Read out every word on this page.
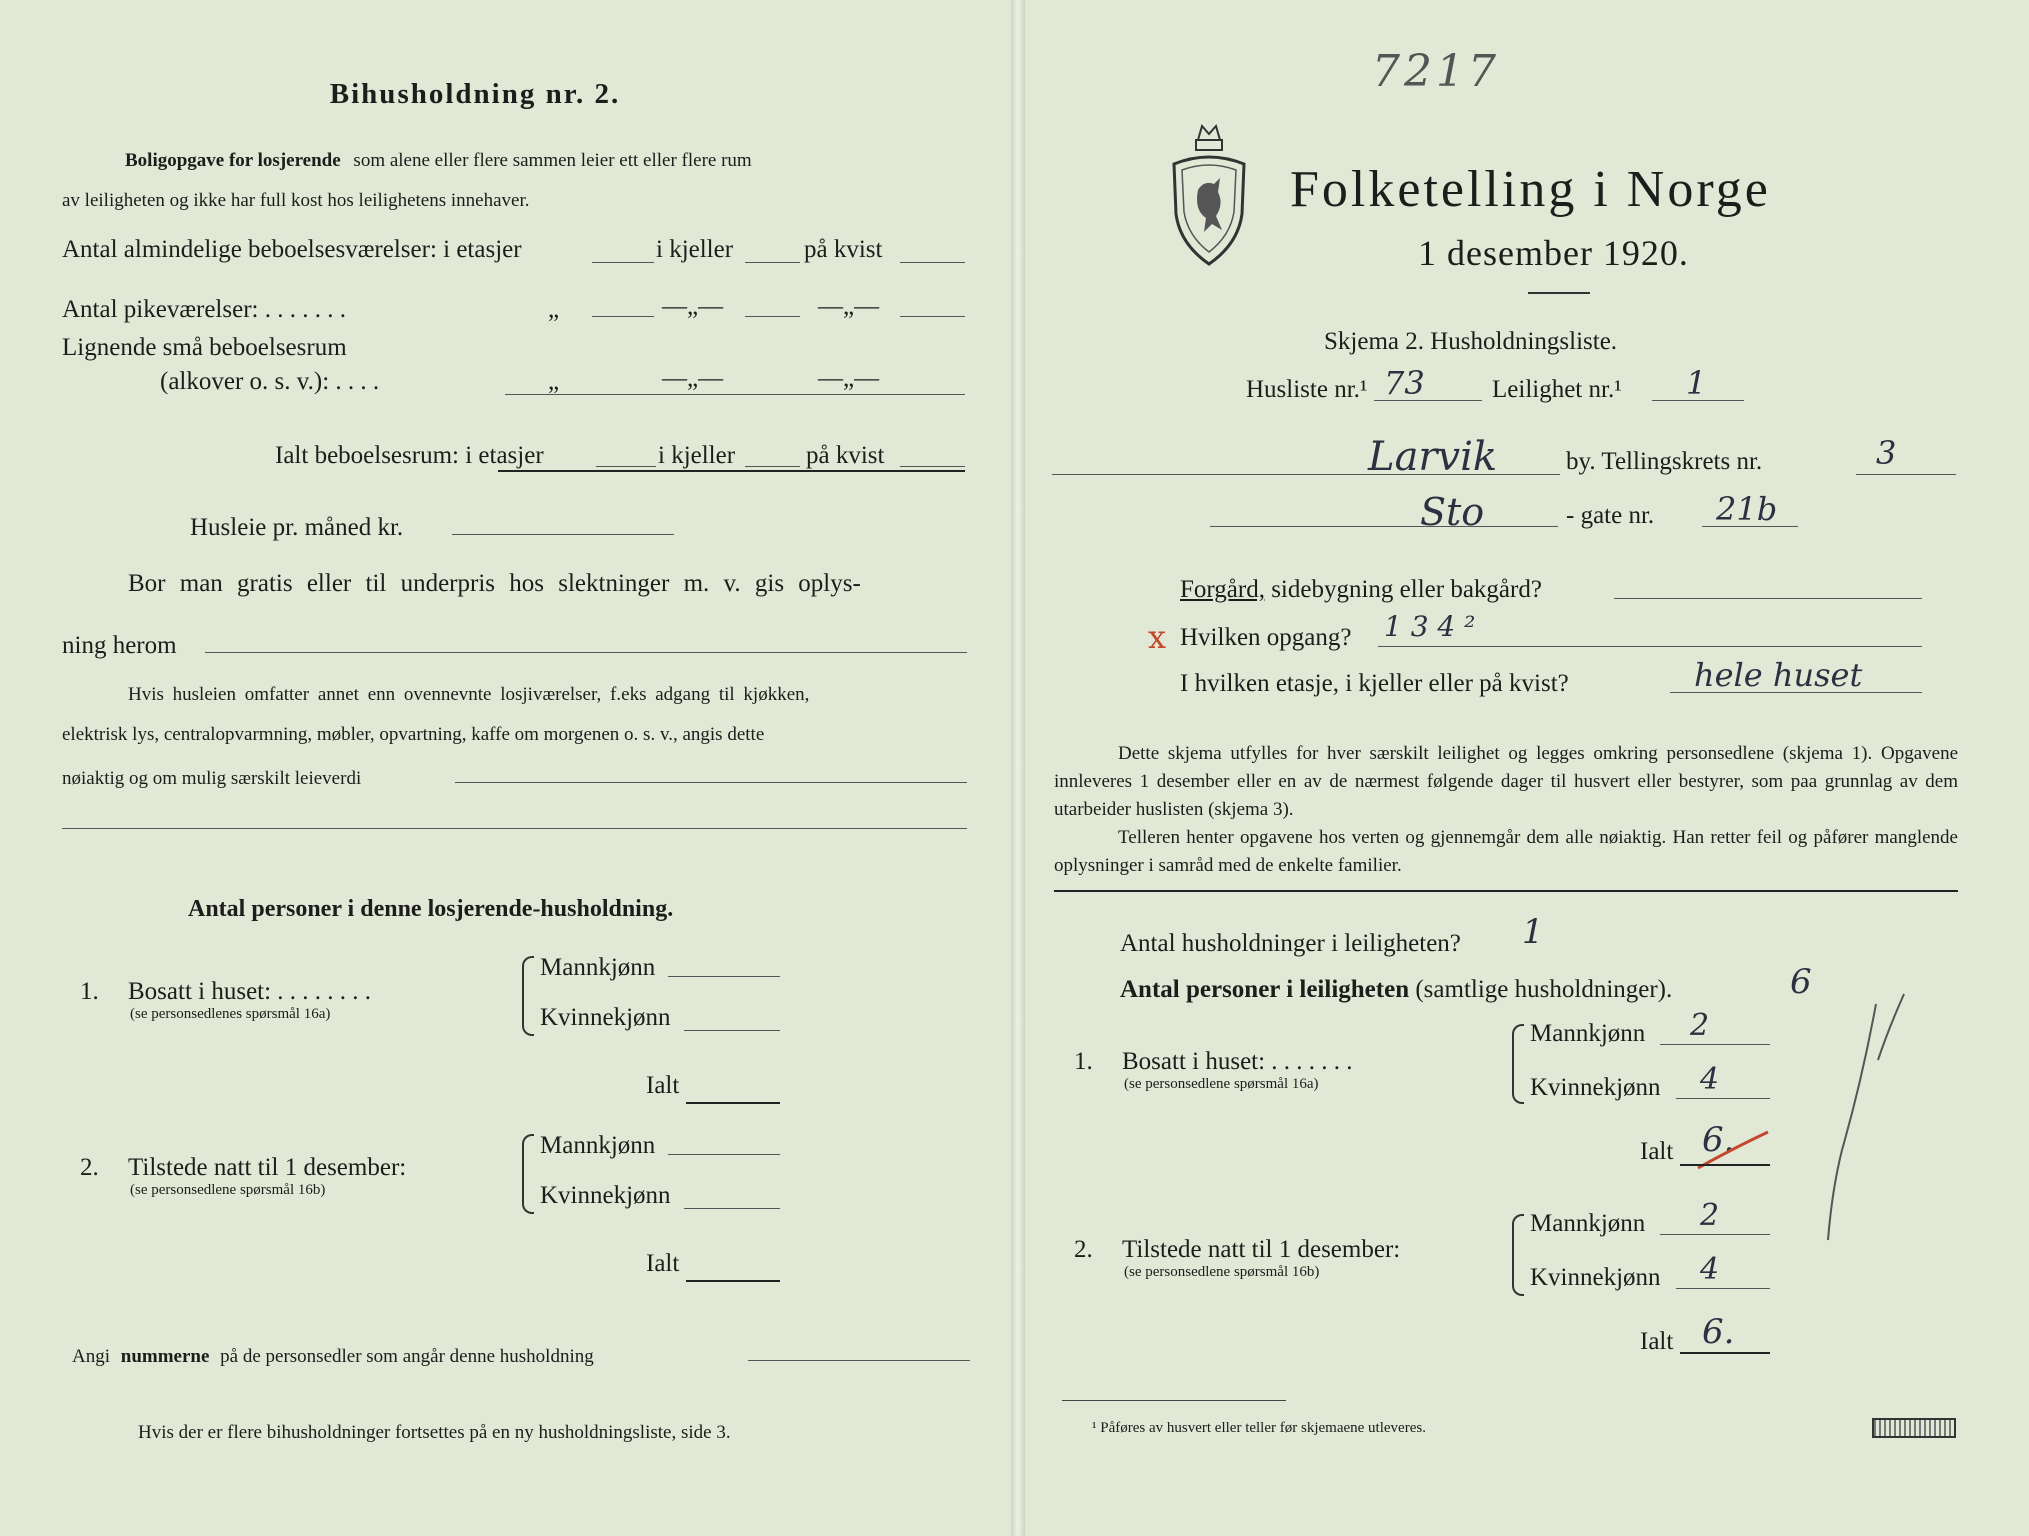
Bihusholdning nr. 2.
Boligopgave for losjerende som alene eller flere sammen leier ett eller flere rum
av leiligheten og ikke har full kost hos leilighetens innehaver.
Antal almindelige beboelsesværelser: i etasjer	i kjeller	på kvist
Antal pikeværelser: . . . . . . .	„	—„—	—„—
Lignende små beboelsesrum
(alkover o. s. v.): . . . .	„	—„—	—„—
Ialt beboelsesrum: i etasjer	i kjeller	på kvist
Husleie pr. måned kr.
Bor man gratis eller til underpris hos slektninger m. v. gis oplys-
ning herom
Hvis husleien omfatter annet enn ovennevnte losjiværelser, f.eks adgang til kjøkken,
elektrisk lys, centralopvarmning, møbler, opvartning, kaffe om morgenen o. s. v., angis dette
nøiaktig og om mulig særskilt leieverdi
Antal personer i denne losjerende-husholdning.
1. Bosatt i huset: . . . . . . . .
(se personsedlenes spørsmål 16a)
Mannkjønn
Kvinnekjønn
Ialt
2. Tilstede natt til 1 desember:
(se personsedlene spørsmål 16b)
Mannkjønn
Kvinnekjønn
Ialt
Angi nummerne på de personsedler som angår denne husholdning
Hvis der er flere bihusholdninger fortsettes på en ny husholdningsliste, side 3.
7217
Folketelling i Norge
1 desember 1920.
Skjema 2. Husholdningsliste.
Husliste nr.¹ 73	Leilighet nr.¹ 1
Larvik	by. Tellingskrets nr.	3
Sto	- gate nr. 21b
Forgård, sidebygning eller bakgård?
x Hvilken opgang? 1 3 4 ²
I hvilken etasje, i kjeller eller på kvist?	hele huset
Dette skjema utfylles for hver særskilt leilighet og legges omkring personsedlene (skjema 1). Opgavene innleveres 1 desember eller en av de nærmest følgende dager til husvert eller bestyrer, som paa grunnlag av dem utarbeider huslisten (skjema 3).
Telleren henter opgavene hos verten og gjennemgår dem alle nøiaktig. Han retter feil og påfører manglende oplysninger i samråd med de enkelte familier.
Antal husholdninger i leiligheten? 1
Antal personer i leiligheten (samtlige husholdninger).	6
1. Bosatt i huset: . . . . . . .
(se personsedlene spørsmål 16a)
Mannkjønn 2
Kvinnekjønn 4
Ialt 6.
2. Tilstede natt til 1 desember:
(se personsedlene spørsmål 16b)
Mannkjønn 2
Kvinnekjønn 4
Ialt 6.
¹ Påføres av husvert eller teller før skjemaene utleveres.
